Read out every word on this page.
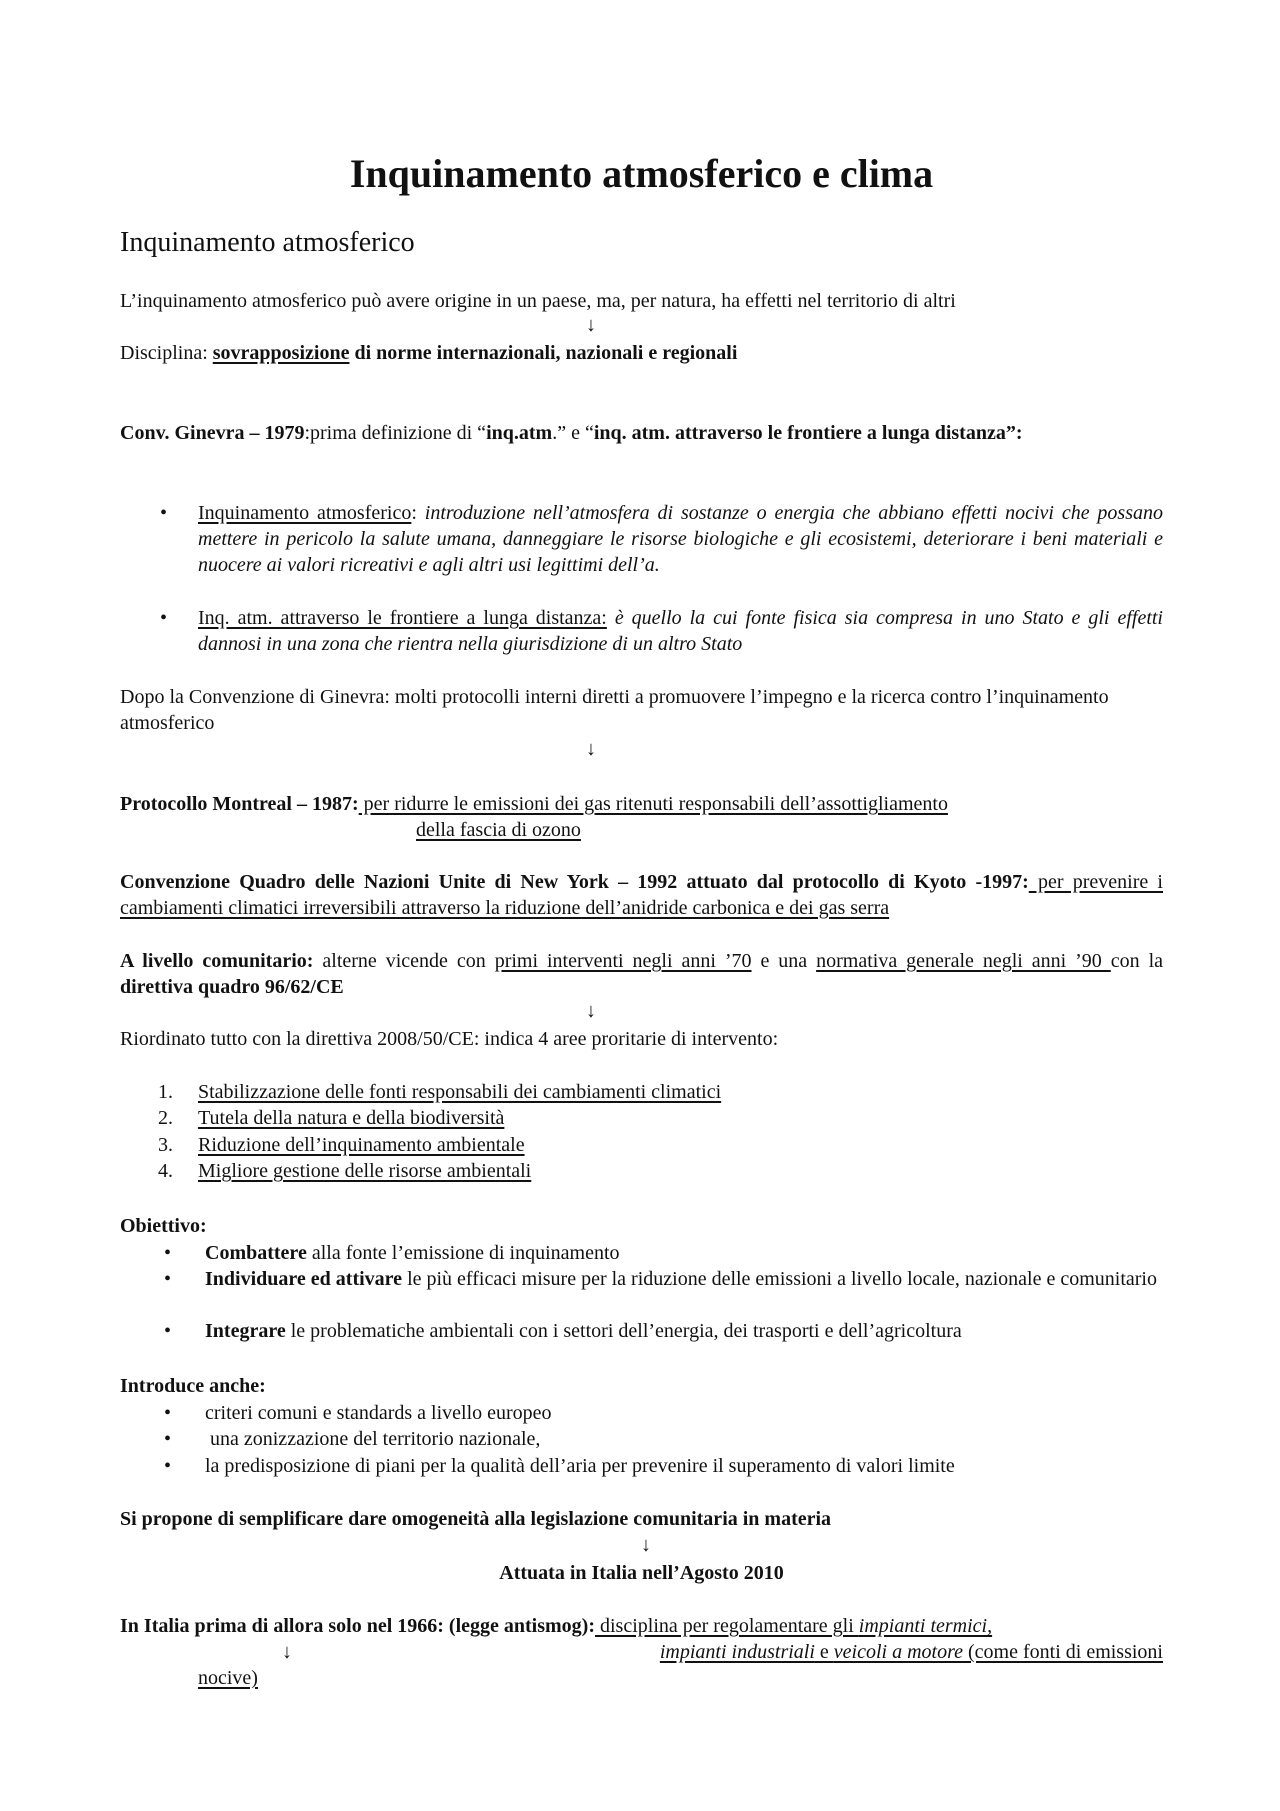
Inquinamento atmosferico e clima
Inquinamento atmosferico
L’inquinamento atmosferico può avere origine in un paese, ma, per natura, ha effetti nel territorio di altri
↓
Disciplina: sovrapposizione di norme internazionali, nazionali e regionali
Conv. Ginevra – 1979:prima definizione di “inq.atm.” e “inq. atm. attraverso le frontiere a lunga distanza”:
•	Inquinamento atmosferico: introduzione nell’atmosfera di sostanze o energia che abbiano effetti nocivi che possano mettere in pericolo la salute umana, danneggiare le risorse biologiche e gli ecosistemi, deteriorare i beni materiali e nuocere ai valori ricreativi e agli altri usi legittimi dell’a.
•	Inq. atm. attraverso le frontiere a lunga distanza: è quello la cui fonte fisica sia compresa in uno Stato e gli effetti dannosi in una zona che rientra nella giurisdizione di un altro Stato
Dopo la Convenzione di Ginevra: molti protocolli interni diretti a promuovere l’impegno e la ricerca contro l’inquinamento atmosferico
↓
Protocollo Montreal – 1987: per ridurre le emissioni dei gas ritenuti responsabili dell’assottigliamento
della fascia di ozono
Convenzione Quadro delle Nazioni Unite di New York – 1992 attuato dal protocollo di Kyoto -1997: per prevenire i cambiamenti climatici irreversibili attraverso la riduzione dell’anidride carbonica e dei gas serra
A livello comunitario: alterne vicende con primi interventi negli anni ’70 e una normativa generale negli anni ’90 con la direttiva quadro 96/62/CE
↓
Riordinato tutto con la direttiva 2008/50/CE: indica 4 aree proritarie di intervento:
1. Stabilizzazione delle fonti responsabili dei cambiamenti climatici
2. Tutela della natura e della biodiversità
3. Riduzione dell’inquinamento ambientale
4. Migliore gestione delle risorse ambientali
Obiettivo:
• Combattere alla fonte l’emissione di inquinamento
• Individuare ed attivare le più efficaci misure per la riduzione delle emissioni a livello locale, nazionale e comunitario
• Integrare le problematiche ambientali con i settori dell’energia, dei trasporti e dell’agricoltura
Introduce anche:
• criteri comuni e standards a livello europeo
• una zonizzazione del territorio nazionale,
• la predisposizione di piani per la qualità dell’aria per prevenire il superamento di valori limite
Si propone di semplificare dare omogeneità alla legislazione comunitaria in materia
↓
Attuata in Italia nell’Agosto 2010
In Italia prima di allora solo nel 1966: (legge antismog): disciplina per regolamentare gli impianti termici,
↓	impianti industriali e veicoli a motore (come fonti di emissioni
nocive)
